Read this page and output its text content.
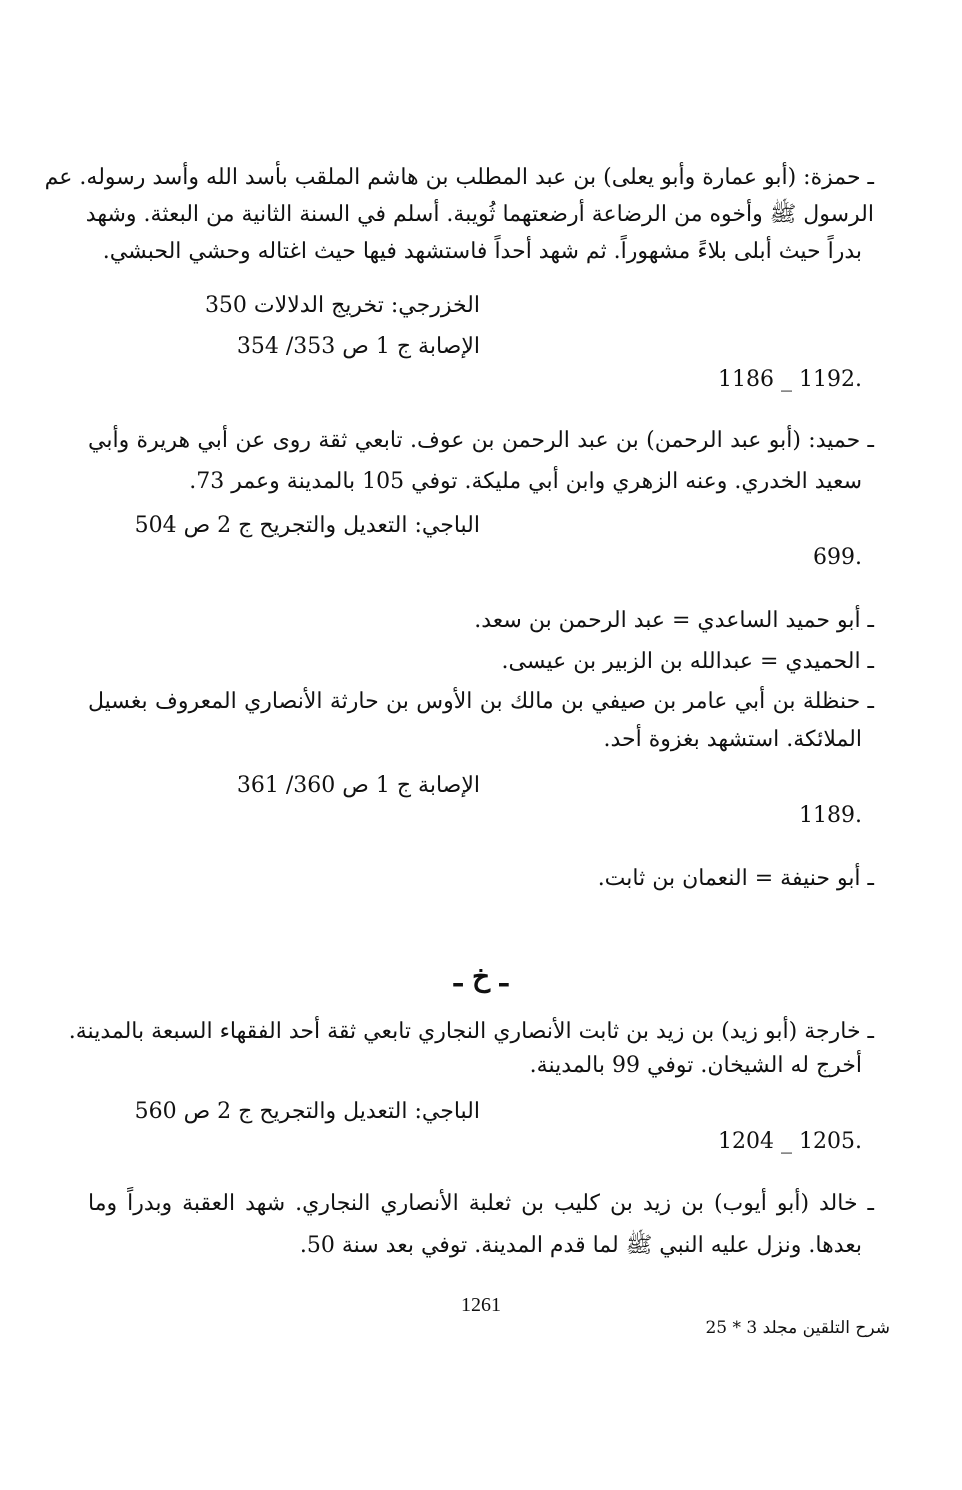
ـ حمزة: (أبو عمارة وأبو يعلى) بن عبد المطلب بن هاشم الملقب بأسد الله وأسد رسوله. عم

الرسول ﷺ وأخوه من الرضاعة أرضعتهما ثُويبة. أسلم في السنة الثانية من البعثة. وشهد

بدراً حيث أبلى بلاءً مشهوراً. ثم شهد أحداً فاستشهد فيها حيث اغتاله وحشي الحبشي.

الخزرجي: تخريج الدلالات 350

الإصابة ج 1 ص 353/ 354

.1192 _ 1186

ـ حميد: (أبو عبد الرحمن) بن عبد الرحمن بن عوف. تابعي ثقة روى عن أبي هريرة وأبي

سعيد الخدري. وعنه الزهري وابن أبي مليكة. توفي 105 بالمدينة وعمر 73.

الباجي: التعديل والتجريح ج 2 ص 504

.699

ـ أبو حميد الساعدي = عبد الرحمن بن سعد.

ـ الحميدي = عبدالله بن الزبير بن عيسى.

ـ حنظلة بن أبي عامر بن صيفي بن مالك بن الأوس بن حارثة الأنصاري المعروف بغسيل

الملائكة. استشهد بغزوة أحد.

الإصابة ج 1 ص 360/ 361

.1189

ـ أبو حنيفة = النعمان بن ثابت.

ـ خ ـ

ـ خارجة (أبو زيد) بن زيد بن ثابت الأنصاري النجاري تابعي ثقة أحد الفقهاء السبعة بالمدينة.

أخرج له الشيخان. توفي 99 بالمدينة.

الباجي: التعديل والتجريح ج 2 ص 560

.1205 _ 1204

ـ خالد (أبو أيوب) بن زيد بن كليب بن ثعلبة الأنصاري النجاري. شهد العقبة وبدراً وما

بعدها. ونزل عليه النبي ﷺ لما قدم المدينة. توفي بعد سنة 50.

1261
شرح التلقين مجلد 3 * 25
